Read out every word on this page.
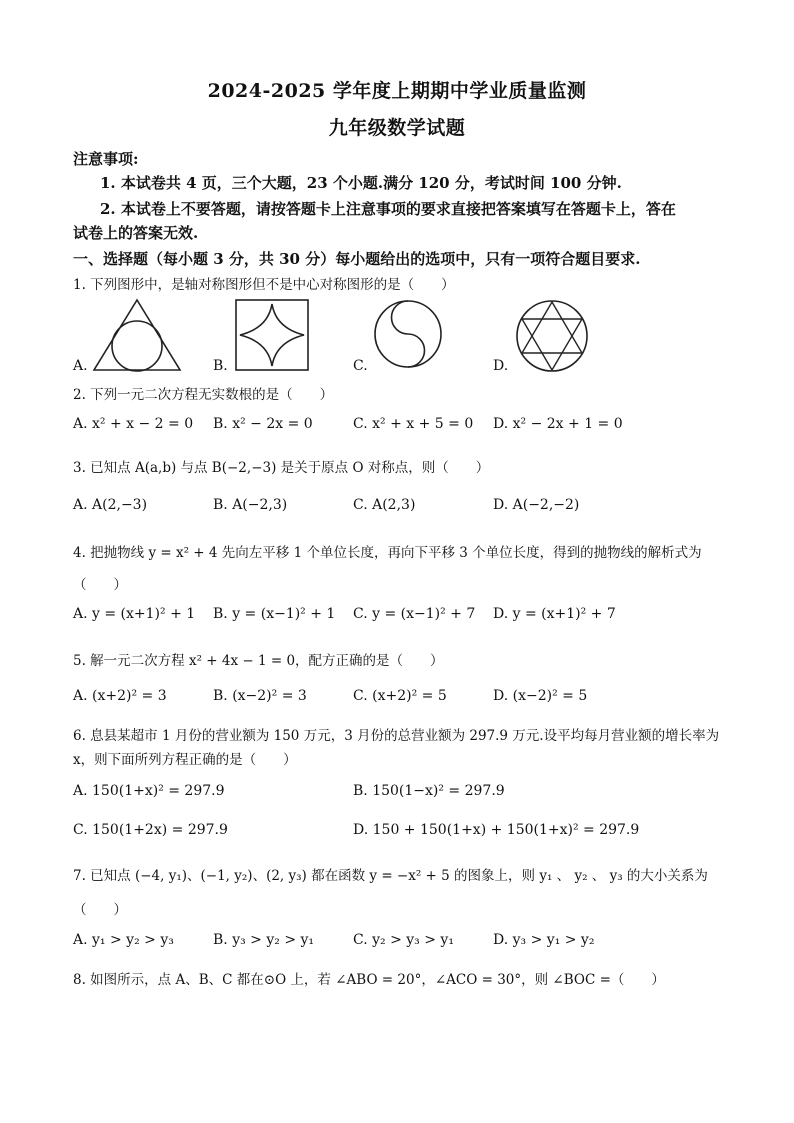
2024-2025 学年度上期期中学业质量监测
九年级数学试题
注意事项:
1. 本试卷共 4 页，三个大题，23 个小题.满分 120 分，考试时间 100 分钟.
2. 本试卷上不要答题，请按答题卡上注意事项的要求直接把答案填写在答题卡上，答在
试卷上的答案无效.
一、选择题（每小题 3 分，共 30 分）每小题给出的选项中，只有一项符合题目要求.
1. 下列图形中，是轴对称图形但不是中心对称图形的是（　　）
A.	B.	C.	D.
2. 下列一元二次方程无实数根的是（　　）
A. x² + x − 2 = 0 B. x² − 2x = 0	C. x² + x + 5 = 0 D. x² − 2x + 1 = 0
3. 已知点 A(a,b) 与点 B(−2,−3) 是关于原点 O 对称点，则（　　）
A. A(2,−3)	B. A(−2,3)	C. A(2,3)	D. A(−2,−2)
4. 把抛物线 y = x² + 4 先向左平移 1 个单位长度，再向下平移 3 个单位长度，得到的抛物线的解析式为
（　　）
A. y = (x+1)² + 1 B. y = (x−1)² + 1 C. y = (x−1)² + 7 D. y = (x+1)² + 7
5. 解一元二次方程 x² + 4x − 1 = 0，配方正确的是（　　）
A. (x+2)² = 3	B. (x−2)² = 3	C. (x+2)² = 5	D. (x−2)² = 5
6. 息县某超市 1 月份的营业额为 150 万元，3 月份的总营业额为 297.9 万元.设平均每月营业额的增长率为
x，则下面所列方程正确的是（　　）
A. 150(1+x)² = 297.9	B. 150(1−x)² = 297.9
C. 150(1+2x) = 297.9	D. 150 + 150(1+x) + 150(1+x)² = 297.9
7. 已知点 (−4, y₁)、(−1, y₂)、(2, y₃) 都在函数 y = −x² + 5 的图象上，则 y₁ 、 y₂ 、 y₃ 的大小关系为
（　　）
A. y₁ > y₂ > y₃	B. y₃ > y₂ > y₁	C. y₂ > y₃ > y₁	D. y₃ > y₁ > y₂
8. 如图所示，点 A、B、C 都在⊙O 上，若 ∠ABO = 20°，∠ACO = 30°，则 ∠BOC =（　　）
